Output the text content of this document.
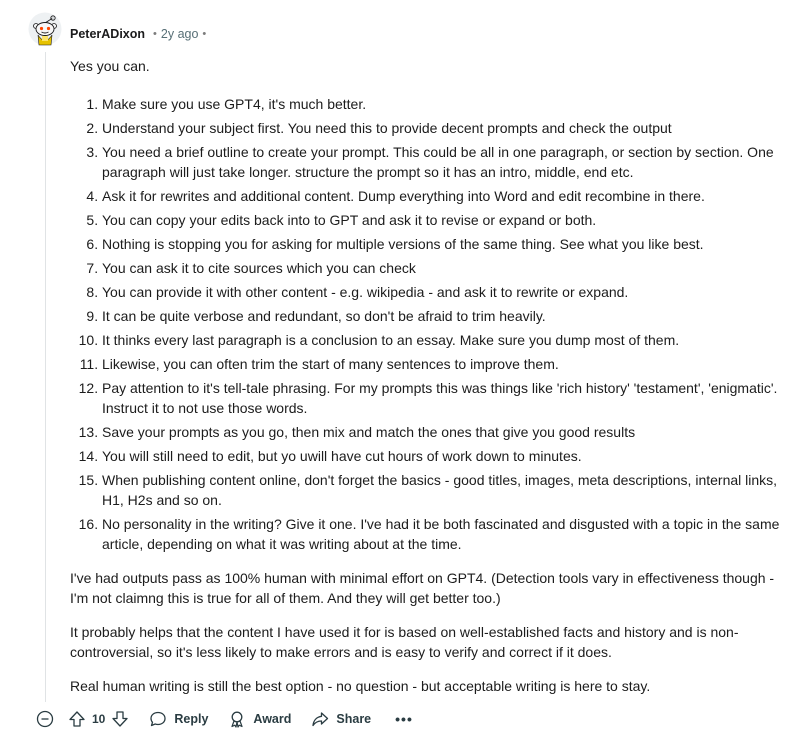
PeterADixon • 2y ago •

Yes you can.

1. Make sure you use GPT4, it's much better.
2. Understand your subject first. You need this to provide decent prompts and check the output
3. You need a brief outline to create your prompt. This could be all in one paragraph, or section by section. One paragraph will just take longer. structure the prompt so it has an intro, middle, end etc.
4. Ask it for rewrites and additional content. Dump everything into Word and edit recombine in there.
5. You can copy your edits back into to GPT and ask it to revise or expand or both.
6. Nothing is stopping you for asking for multiple versions of the same thing. See what you like best.
7. You can ask it to cite sources which you can check
8. You can provide it with other content - e.g. wikipedia - and ask it to rewrite or expand.
9. It can be quite verbose and redundant, so don't be afraid to trim heavily.
10. It thinks every last paragraph is a conclusion to an essay. Make sure you dump most of them.
11. Likewise, you can often trim the start of many sentences to improve them.
12. Pay attention to it's tell-tale phrasing. For my prompts this was things like 'rich history' 'testament', 'enigmatic'. Instruct it to not use those words.
13. Save your prompts as you go, then mix and match the ones that give you good results
14. You will still need to edit, but yo uwill have cut hours of work down to minutes.
15. When publishing content online, don't forget the basics - good titles, images, meta descriptions, internal links, H1, H2s and so on.
16. No personality in the writing? Give it one. I've had it be both fascinated and disgusted with a topic in the same article, depending on what it was writing about at the time.

I've had outputs pass as 100% human with minimal effort on GPT4. (Detection tools vary in effectiveness though - I'm not claimng this is true for all of them. And they will get better too.)

It probably helps that the content I have used it for is based on well-established facts and history and is non-controversial, so it's less likely to make errors and is easy to verify and correct if it does.

Real human writing is still the best option - no question - but acceptable writing is here to stay.

10	Reply	Award	Share •••
